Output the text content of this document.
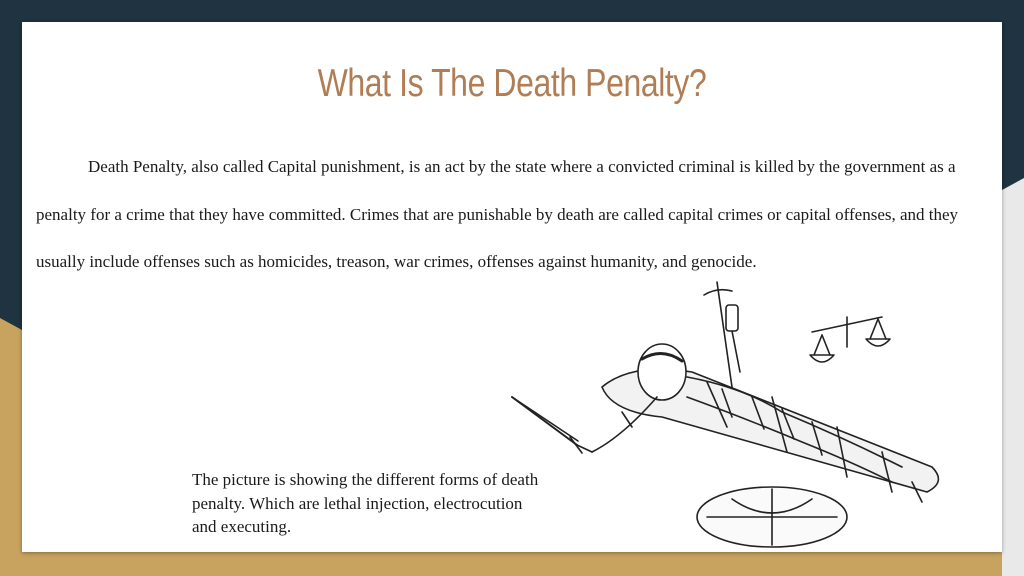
What Is The Death Penalty?

Death Penalty, also called Capital punishment, is an act by the state where a convicted criminal is killed by the government as a penalty for a crime that they have committed. Crimes that are punishable by death are called capital crimes or capital offenses, and they usually include offenses such as homicides, treason, war crimes, offenses against humanity, and genocide.

The picture is showing the different forms of death penalty. Which are lethal injection, electrocution and executing.
